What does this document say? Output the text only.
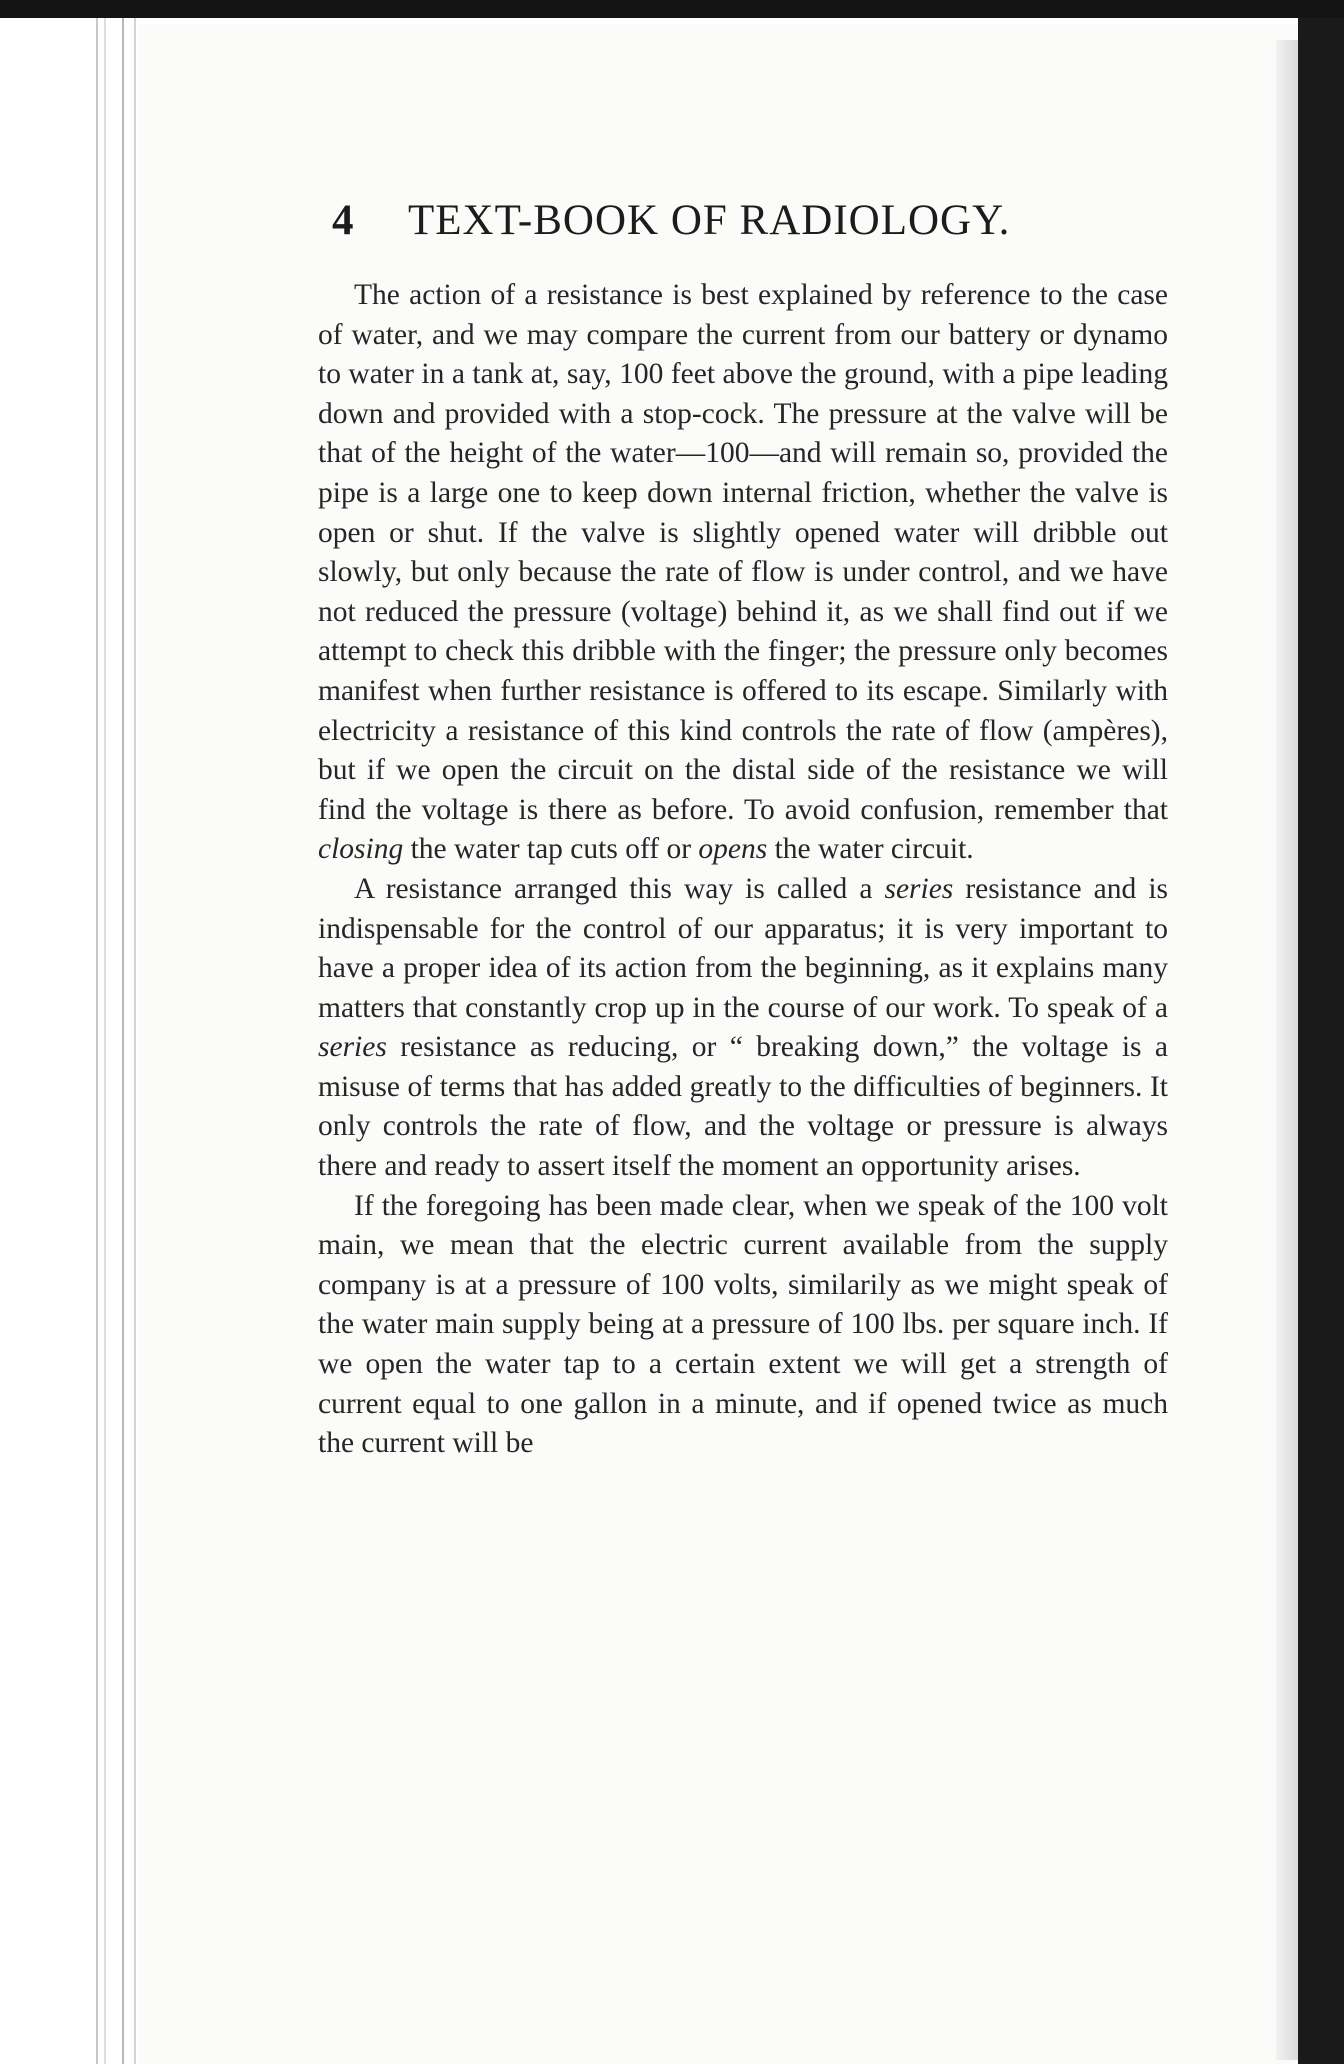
4 TEXT-BOOK OF RADIOLOGY.

The action of a resistance is best explained by reference to the case of water, and we may compare the current from our battery or dynamo to water in a tank at, say, 100 feet above the ground, with a pipe leading down and provided with a stop-cock. The pressure at the valve will be that of the height of the water—100—and will remain so, provided the pipe is a large one to keep down internal friction, whether the valve is open or shut. If the valve is slightly opened water will dribble out slowly, but only because the rate of flow is under control, and we have not reduced the pressure (voltage) behind it, as we shall find out if we attempt to check this dribble with the finger; the pressure only becomes manifest when further resistance is offered to its escape. Similarly with electricity a resistance of this kind controls the rate of flow (ampères), but if we open the circuit on the distal side of the resistance we will find the voltage is there as before. To avoid confusion, remember that closing the water tap cuts off or opens the water circuit.

A resistance arranged this way is called a series resistance and is indispensable for the control of our apparatus; it is very important to have a proper idea of its action from the beginning, as it explains many matters that constantly crop up in the course of our work. To speak of a series resistance as reducing, or “ breaking down,” the voltage is a misuse of terms that has added greatly to the difficulties of beginners. It only controls the rate of flow, and the voltage or pressure is always there and ready to assert itself the moment an opportunity arises.

If the foregoing has been made clear, when we speak of the 100 volt main, we mean that the electric current available from the supply company is at a pressure of 100 volts, similarily as we might speak of the water main supply being at a pressure of 100 lbs. per square inch. If we open the water tap to a certain extent we will get a strength of current equal to one gallon in a minute, and if opened twice as much the current will be
